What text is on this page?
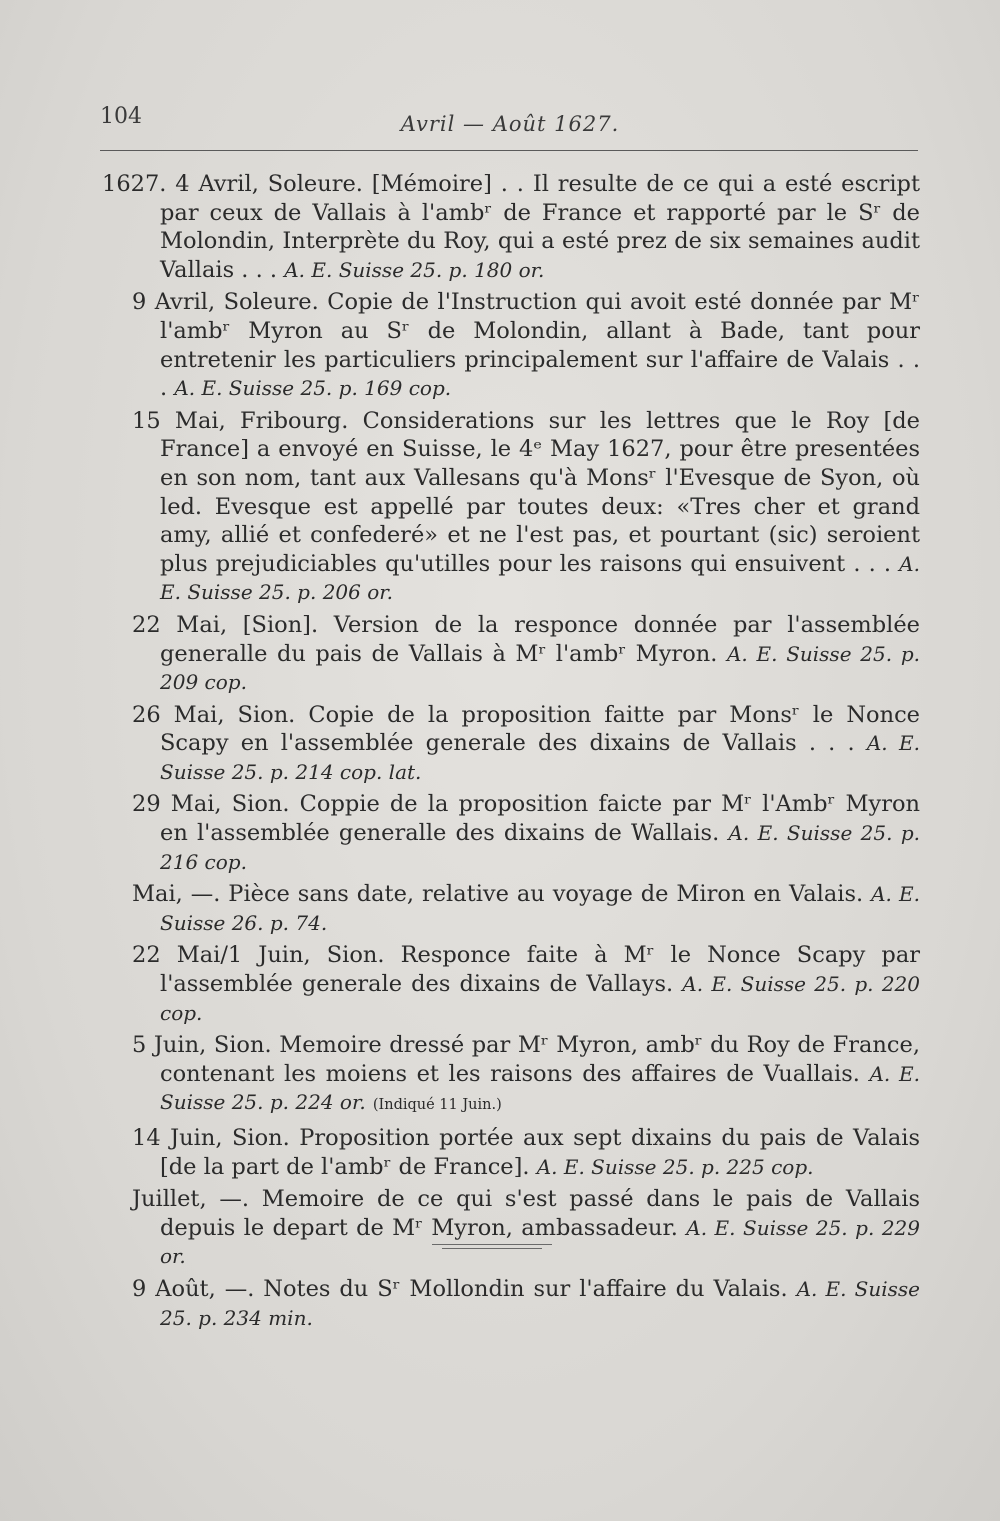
104	Avril — Août 1627.

1627. 4 Avril, Soleure. [Mémoire] . . Il resulte de ce qui a esté escript par ceux de Vallais à l'ambʳ de France et rapporté par le Sʳ de Molondin, Interprète du Roy, qui a esté prez de six semaines audit Vallais . . . A. E. Suisse 25. p. 180 or.

9 Avril, Soleure. Copie de l'Instruction qui avoit esté donnée par Mʳ l'ambʳ Myron au Sʳ de Molondin, allant à Bade, tant pour entretenir les particuliers principalement sur l'affaire de Valais . . . A. E. Suisse 25. p. 169 cop.

15 Mai, Fribourg. Considerations sur les lettres que le Roy [de France] a envoyé en Suisse, le 4ᵉ May 1627, pour être presentées en son nom, tant aux Vallesans qu'à Monsʳ l'Evesque de Syon, où led. Evesque est appellé par toutes deux: «Tres cher et grand amy, allié et confederé» et ne l'est pas, et pourtant (sic) seroient plus prejudiciables qu'utilles pour les raisons qui ensuivent . . . A. E. Suisse 25. p. 206 or.

22 Mai, [Sion]. Version de la responce donnée par l'assemblée generalle du pais de Vallais à Mʳ l'ambʳ Myron. A. E. Suisse 25. p. 209 cop.

26 Mai, Sion. Copie de la proposition faitte par Monsʳ le Nonce Scapy en l'assemblée generale des dixains de Vallais . . . A. E. Suisse 25. p. 214 cop. lat.

29 Mai, Sion. Coppie de la proposition faicte par Mʳ l'Ambʳ Myron en l'assemblée generalle des dixains de Wallais. A. E. Suisse 25. p. 216 cop.

Mai, —. Pièce sans date, relative au voyage de Miron en Valais. A. E. Suisse 26. p. 74.

22 Mai/1 Juin, Sion. Responce faite à Mʳ le Nonce Scapy par l'assemblée generale des dixains de Vallays. A. E. Suisse 25. p. 220 cop.

5 Juin, Sion. Memoire dressé par Mʳ Myron, ambʳ du Roy de France, contenant les moiens et les raisons des affaires de Vuallais. A. E. Suisse 25. p. 224 or. (Indiqué 11 Juin.)

14 Juin, Sion. Proposition portée aux sept dixains du pais de Valais [de la part de l'ambʳ de France]. A. E. Suisse 25. p. 225 cop.

Juillet, —. Memoire de ce qui s'est passé dans le pais de Vallais depuis le depart de Mʳ Myron, ambassadeur. A. E. Suisse 25. p. 229 or.

9 Août, —. Notes du Sʳ Mollondin sur l'affaire du Valais. A. E. Suisse 25. p. 234 min.
